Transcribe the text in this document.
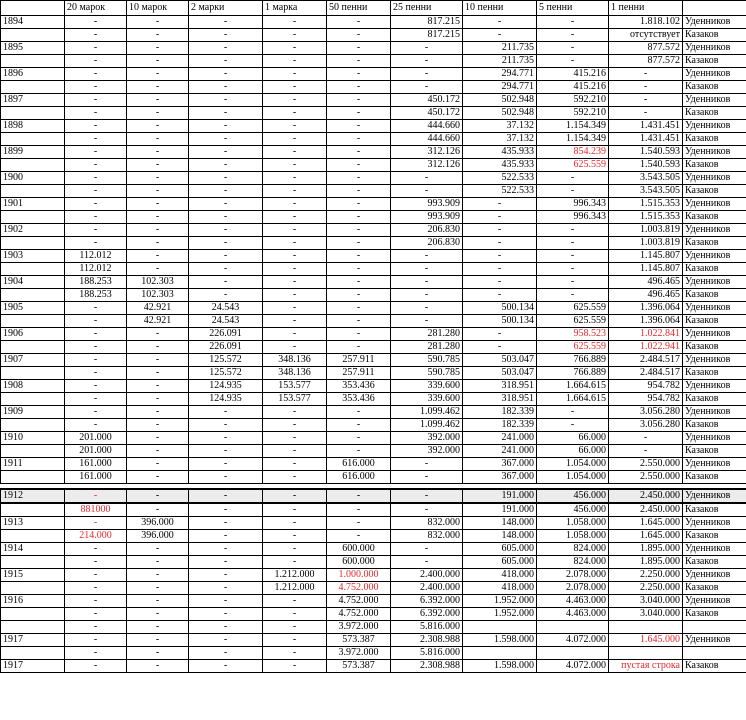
	20 марок	10 марок	2 марки	1 марка	50 пенни	25 пенни	10 пенни	5 пенни	1 пенни	
1894	-	-	-	-	-	817.215	-	-	1.818.102	Уденников
	-	-	-	-	-	817.215	-	-	отсутствует	Казаков
1895	-	-	-	-	-	-	211.735	-	877.572	Уденников
	-	-	-	-	-	-	211.735	-	877.572	Казаков
1896	-	-	-	-	-	-	294.771	415.216	-	Уденников
	-	-	-	-	-	-	294.771	415.216	-	Казаков
1897	-	-	-	-	-	450.172	502.948	592.210	-	Уденников
	-	-	-	-	-	450.172	502.948	592.210	-	Казаков
1898	-	-	-	-	-	444.660	37.132	1.154.349	1.431.451	Уденников
	-	-	-	-	-	444.660	37.132	1.154.349	1.431.451	Казаков
1899	-	-	-	-	-	312.126	435.933	854.239	1.540.593	Уденников
	-	-	-	-	-	312.126	435.933	625.559	1.540.593	Казаков
1900	-	-	-	-	-	-	522.533	-	3.543.505	Уденников
	-	-	-	-	-	-	522.533	-	3.543.505	Казаков
1901	-	-	-	-	-	993.909	-	996.343	1.515.353	Уденников
	-	-	-	-	-	993.909	-	996.343	1.515.353	Казаков
1902	-	-	-	-	-	206.830	-	-	1.003.819	Уденников
	-	-	-	-	-	206.830	-	-	1.003.819	Казаков
1903	112.012	-	-	-	-	-	-	-	1.145.807	Уденников
	112.012	-	-	-	-	-	-	-	1.145.807	Казаков
1904	188.253	102.303	-	-	-	-	-	-	496.465	Уденников
	188.253	102.303	-	-	-	-	-	-	496.465	Казаков
1905	-	42.921	24.543	-	-	-	500.134	625.559	1.396.064	Уденников
	-	42.921	24.543	-	-	-	500.134	625.559	1.396.064	Казаков
1906	-	-	226.091	-	-	281.280	-	958.523	1.022.841	Уденников
	-	-	226.091	-	-	281.280	-	625.559	1.022.941	Казаков
1907	-	-	125.572	348.136	257.911	590.785	503.047	766.889	2.484.517	Уденников
	-	-	125.572	348.136	257.911	590.785	503.047	766.889	2.484.517	Казаков
1908	-	-	124.935	153.577	353.436	339.600	318.951	1.664.615	954.782	Уденников
	-	-	124.935	153.577	353.436	339.600	318.951	1.664.615	954.782	Казаков
1909	-	-	-	-	-	1.099.462	182.339	-	3.056.280	Уденников
	-	-	-	-	-	1.099.462	182.339	-	3.056.280	Казаков
1910	201.000	-	-	-	-	392.000	241.000	66.000	-	Уденников
	201.000	-	-	-	-	392.000	241.000	66.000	-	Казаков
1911	161.000	-	-	-	616.000	-	367.000	1.054.000	2.550.000	Уденников
	161.000	-	-	-	616.000	-	367.000	1.054.000	2.550.000	Казаков

1912	-	-	-	-	-	-	191.000	456.000	2.450.000	Уденников
	881000	-	-	-	-	-	191.000	456.000	2.450.000	Казаков
1913	-	396.000	-	-	-	832.000	148.000	1.058.000	1.645.000	Уденников
	214.000	396.000	-	-	-	832.000	148.000	1.058.000	1.645.000	Казаков
1914	-	-	-	-	600.000	-	605.000	824.000	1.895.000	Уденников
	-	-	-	-	600.000	-	605.000	824.000	1.895.000	Казаков
1915	-	-	-	1.212.000	1.000.000	2.400.000	418.000	2.078.000	2.250.000	Уденников
	-	-	-	1.212.000	4.752.000	2.400.000	418.000	2.078.000	2.250.000	Казаков
1916	-	-	-	-	4.752.000	6.392.000	1.952.000	4.463.000	3.040.000	Уденников
	-	-	-	-	4.752.000	6.392.000	1.952.000	4.463.000	3.040.000	Казаков
	-	-	-	-	3.972.000	5.816.000				
1917	-	-	-	-	573.387	2.308.988	1.598.000	4.072.000	1.645.000	Уденников
	-	-	-	-	3.972.000	5.816.000				
1917	-	-	-	-	573.387	2.308.988	1.598.000	4.072.000	пустая строка	Казаков
